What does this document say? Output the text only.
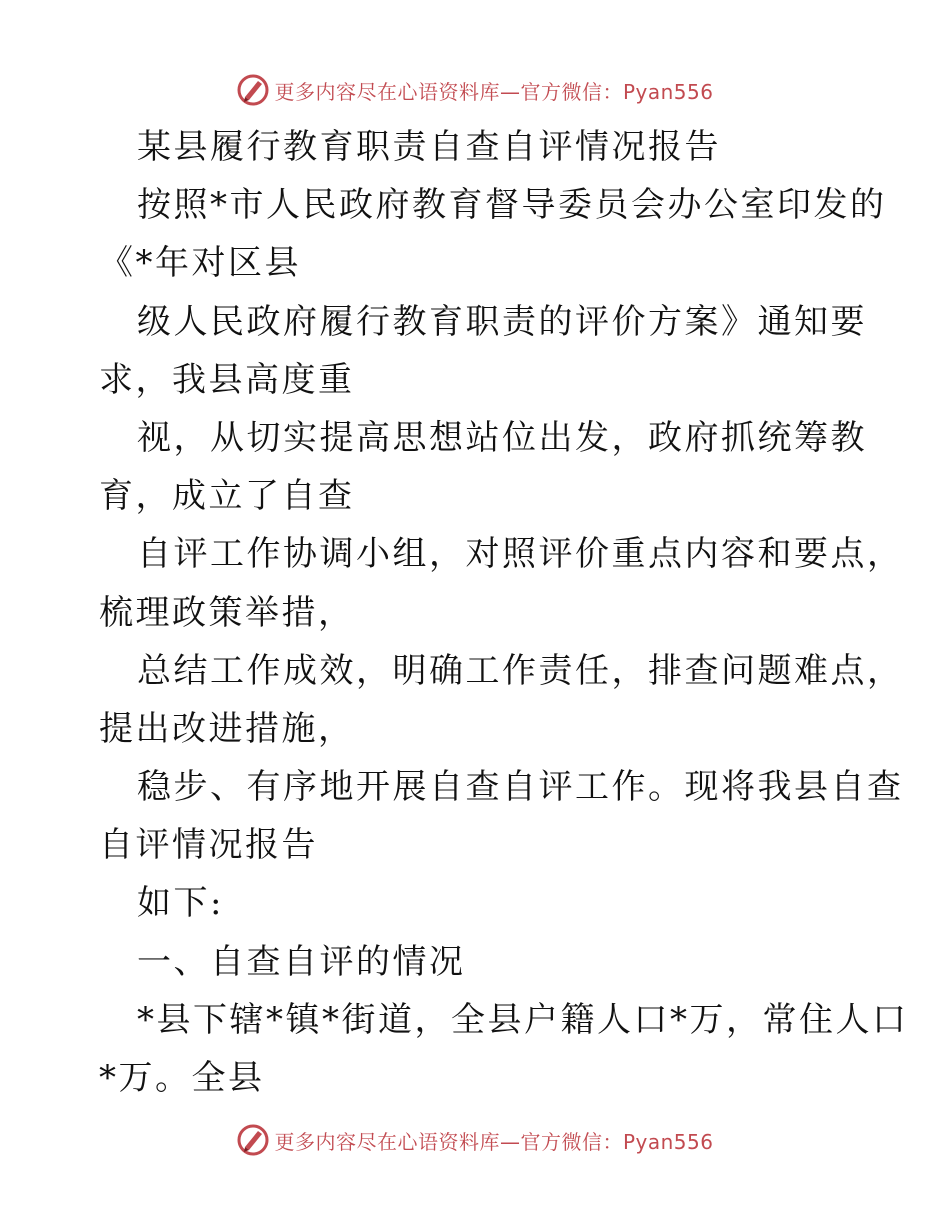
更多内容尽在心语资料库—官方微信：Pyan556
某县履行教育职责自查自评情况报告
按照*市人民政府教育督导委员会办公室印发的
《*年对区县
级人民政府履行教育职责的评价方案》通知要
求，我县高度重
视，从切实提高思想站位出发，政府抓统筹教
育，成立了自查
自评工作协调小组，对照评价重点内容和要点，
梳理政策举措，
总结工作成效，明确工作责任，排查问题难点，
提出改进措施，
稳步、有序地开展自查自评工作。现将我县自查
自评情况报告
如下:
一、自查自评的情况
*县下辖*镇*街道，全县户籍人口*万，常住人口
*万。全县
更多内容尽在心语资料库—官方微信：Pyan556
